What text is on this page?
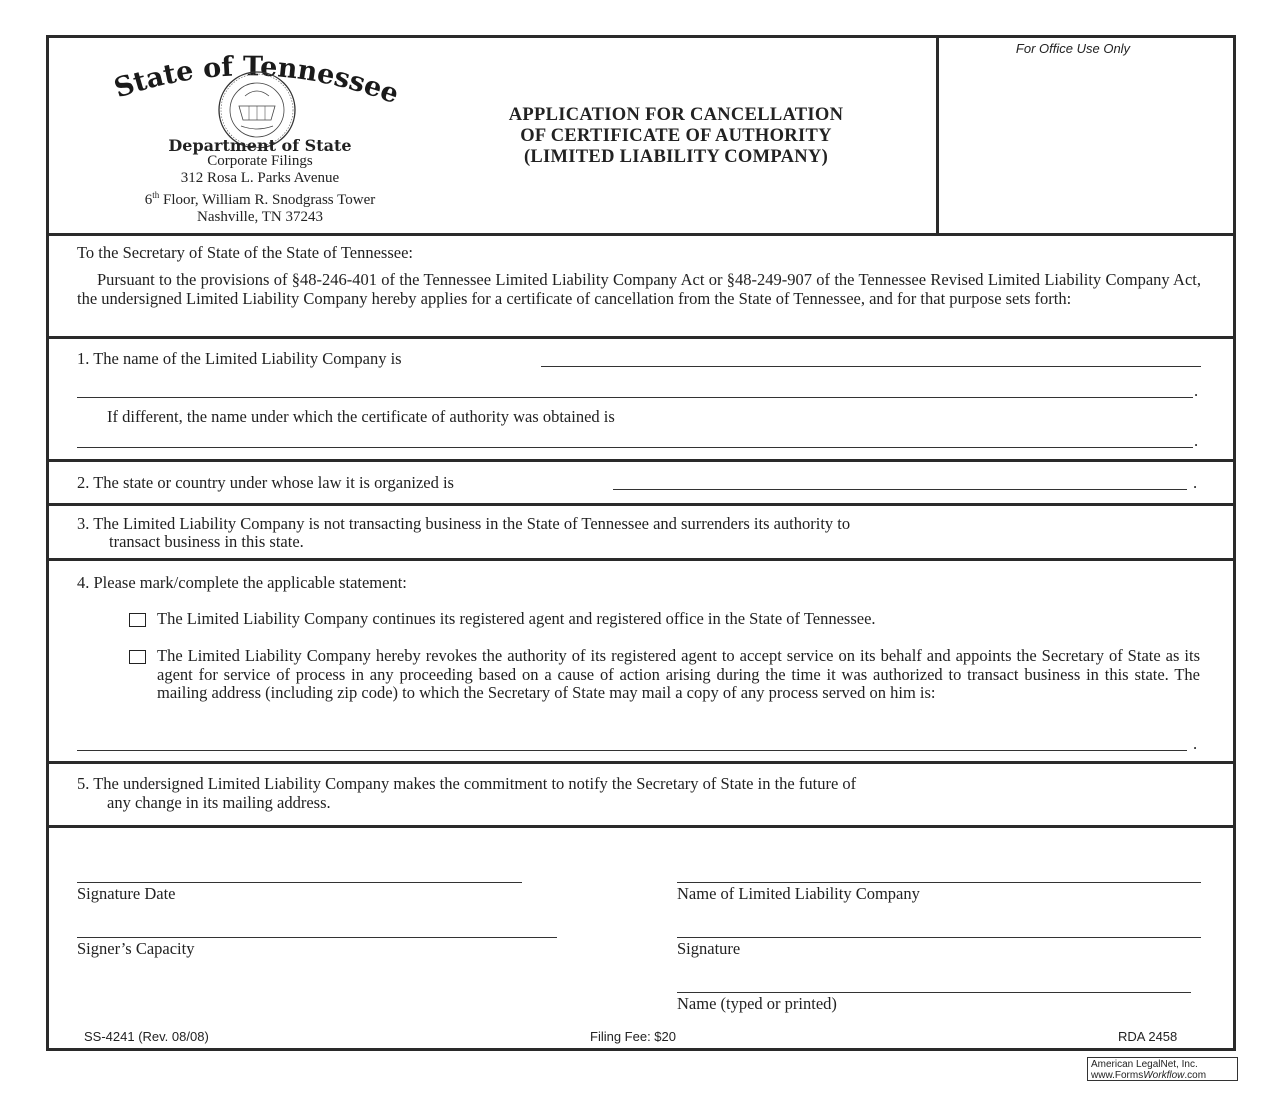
State of Tennessee
Department of State
Corporate Filings
312 Rosa L. Parks Avenue
6th Floor, William R. Snodgrass Tower
Nashville, TN 37243
APPLICATION FOR CANCELLATION
OF CERTIFICATE OF AUTHORITY
(LIMITED LIABILITY COMPANY)
For Office Use Only
To the Secretary of State of the State of Tennessee:
Pursuant to the provisions of §48-246-401 of the Tennessee Limited Liability Company Act or §48-249-907 of the Tennessee Revised Limited Liability Company Act, the undersigned Limited Liability Company hereby applies for a certificate of cancellation from the State of Tennessee, and for that purpose sets forth:
1. The name of the Limited Liability Company is
.
If different, the name under which the certificate of authority was obtained is
.
2. The state or country under whose law it is organized is	.
3. The Limited Liability Company is not transacting business in the State of Tennessee and surrenders its authority to
transact business in this state.
4. Please mark/complete the applicable statement:
The Limited Liability Company continues its registered agent and registered office in the State of Tennessee.
The Limited Liability Company hereby revokes the authority of its registered agent to accept service on its behalf and appoints the Secretary of State as its agent for service of process in any proceeding based on a cause of action arising during the time it was authorized to transact business in this state. The mailing address (including zip code) to which the Secretary of State may mail a copy of any process served on him is:
.
5. The undersigned Limited Liability Company makes the commitment to notify the Secretary of State in the future of
any change in its mailing address.
Signature Date
Signer’s Capacity
Name of Limited Liability Company
Signature
Name (typed or printed)
SS-4241 (Rev. 08/08)	Filing Fee: $20	RDA 2458
American LegalNet, Inc.
www.FormsWorkflow.com
